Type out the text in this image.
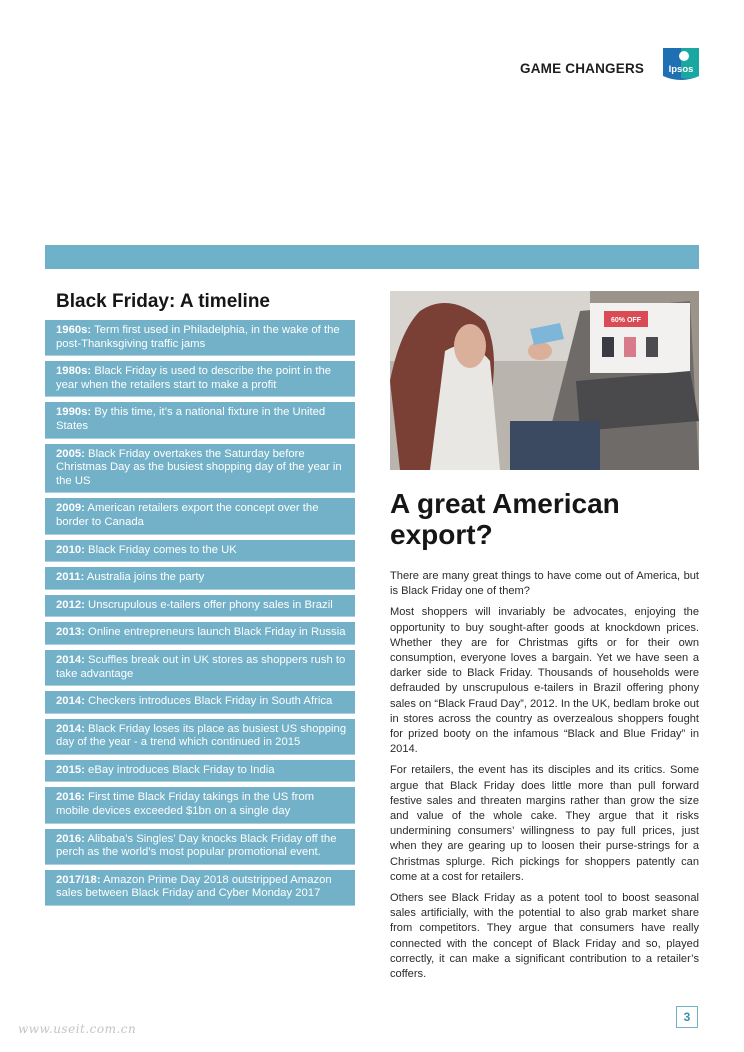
GAME CHANGERS	Ipsos
Black Friday: A timeline
1960s: Term first used in Philadelphia, in the wake of the post-Thanksgiving traffic jams
1980s: Black Friday is used to describe the point in the year when the retailers start to make a profit
1990s: By this time, it’s a national fixture in the United States
2005: Black Friday overtakes the Saturday before Christmas Day as the busiest shopping day of the year in the US
2009: American retailers export the concept over the border to Canada
2010: Black Friday comes to the UK
2011: Australia joins the party
2012: Unscrupulous e-tailers offer phony sales in Brazil
2013: Online entrepreneurs launch Black Friday in Russia
2014: Scuffles break out in UK stores as shoppers rush to take advantage
2014: Checkers introduces Black Friday in South Africa
2014: Black Friday loses its place as busiest US shopping day of the year - a trend which continued in 2015
2015: eBay introduces Black Friday to India
2016: First time Black Friday takings in the US from mobile devices exceeded $1bn on a single day
2016: Alibaba’s Singles’ Day knocks Black Friday off the perch as the world’s most popular promotional event.
2017/18: Amazon Prime Day 2018 outstripped Amazon sales between Black Friday and Cyber Monday 2017
60% OFF
A great American export?

There are many great things to have come out of America, but is Black Friday one of them?

Most shoppers will invariably be advocates, enjoying the opportunity to buy sought-after goods at knockdown prices. Whether they are for Christmas gifts or for their own consumption, everyone loves a bargain. Yet we have seen a darker side to Black Friday. Thousands of households were defrauded by unscrupulous e-tailers in Brazil offering phony sales on “Black Fraud Day”, 2012. In the UK, bedlam broke out in stores across the country as overzealous shoppers fought for prized booty on the infamous “Black and Blue Friday” in 2014.

For retailers, the event has its disciples and its critics. Some argue that Black Friday does little more than pull forward festive sales and threaten margins rather than grow the size and value of the whole cake. They argue that it risks undermining consumers’ willingness to pay full prices, just when they are gearing up to loosen their purse-strings for a Christmas splurge. Rich pickings for shoppers patently can come at a cost for retailers.

Others see Black Friday as a potent tool to boost seasonal sales artificially, with the potential to also grab market share from competitors. They argue that consumers have really connected with the concept of Black Friday and so, played correctly, it can make a significant contribution to a retailer’s coffers.

3
www.useit.com.cn
